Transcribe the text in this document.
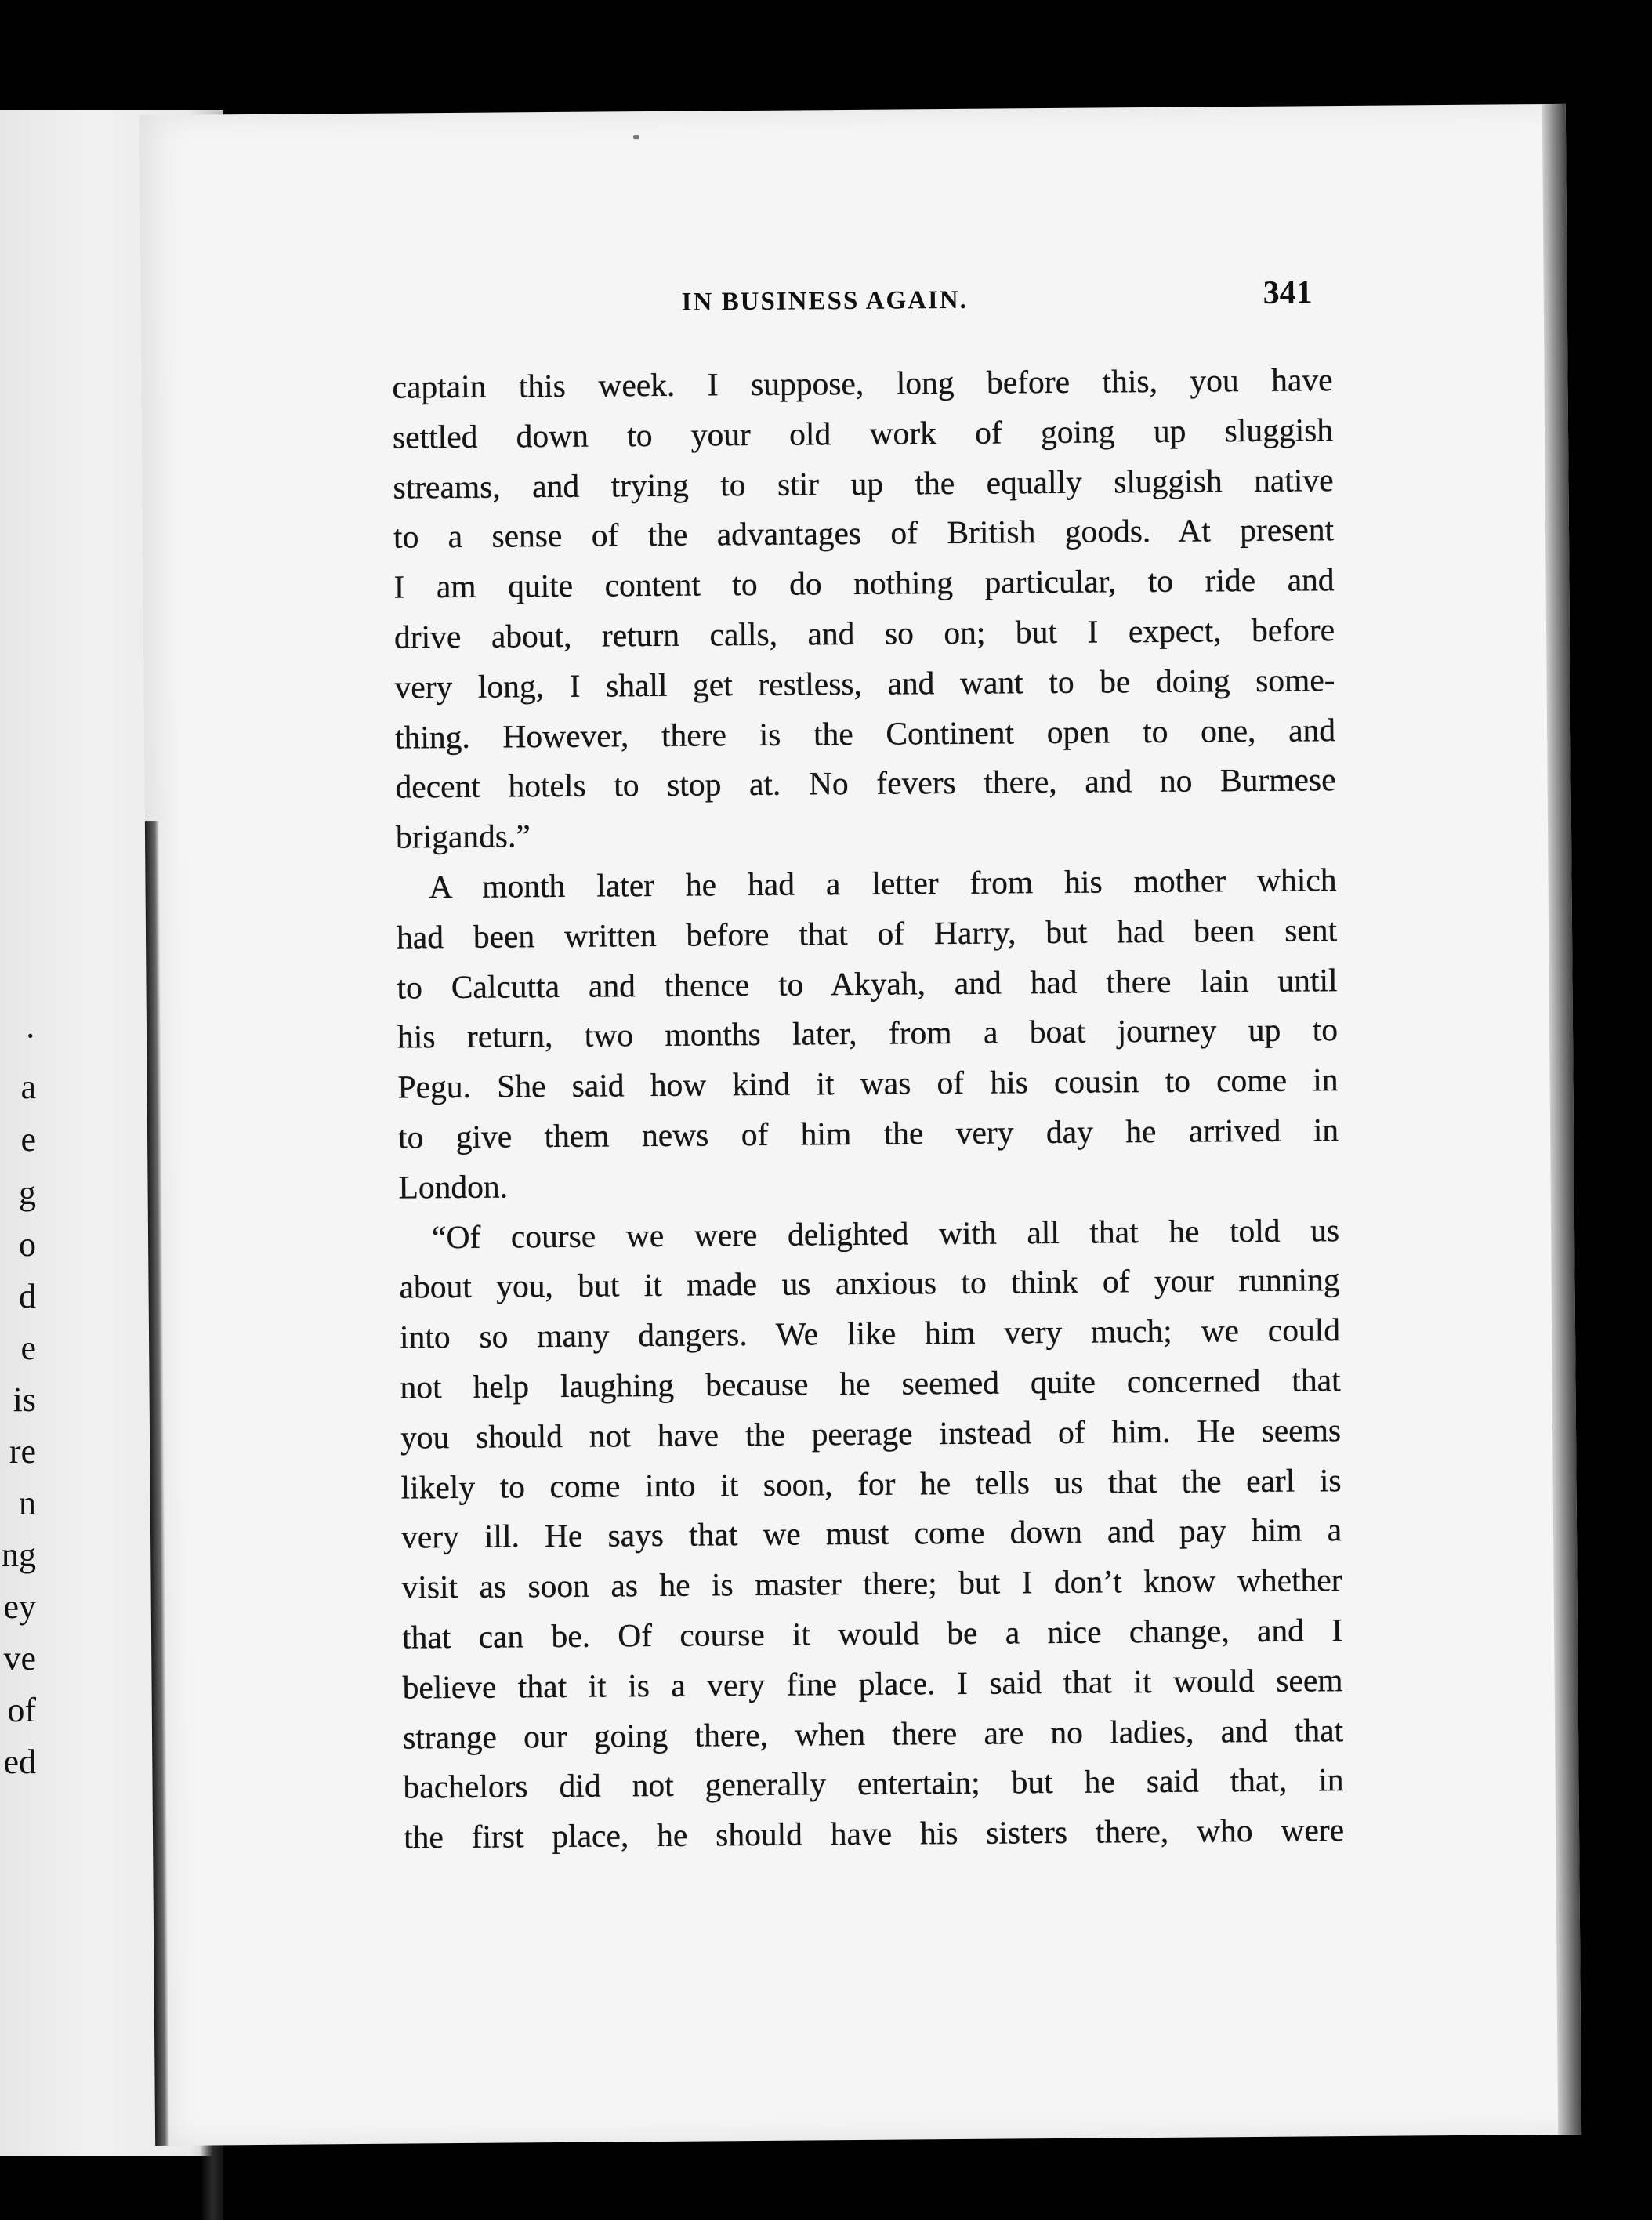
·
a
e
g
o
d
e
is
re
n
ng
ey
ve
of
ed
IN BUSINESS AGAIN.	341
captain this week. I suppose, long before this, you have
settled down to your old work of going up sluggish
streams, and trying to stir up the equally sluggish native
to a sense of the advantages of British goods. At present
I am quite content to do nothing particular, to ride and
drive about, return calls, and so on; but I expect, before
very long, I shall get restless, and want to be doing some-
thing. However, there is the Continent open to one, and
decent hotels to stop at. No fevers there, and no Burmese
brigands.”
A month later he had a letter from his mother which
had been written before that of Harry, but had been sent
to Calcutta and thence to Akyah, and had there lain until
his return, two months later, from a boat journey up to
Pegu. She said how kind it was of his cousin to come in
to give them news of him the very day he arrived in
London.
“Of course we were delighted with all that he told us
about you, but it made us anxious to think of your running
into so many dangers. We like him very much; we could
not help laughing because he seemed quite concerned that
you should not have the peerage instead of him. He seems
likely to come into it soon, for he tells us that the earl is
very ill. He says that we must come down and pay him a
visit as soon as he is master there; but I don’t know whether
that can be. Of course it would be a nice change, and I
believe that it is a very fine place. I said that it would seem
strange our going there, when there are no ladies, and that
bachelors did not generally entertain; but he said that, in
the first place, he should have his sisters there, who were
